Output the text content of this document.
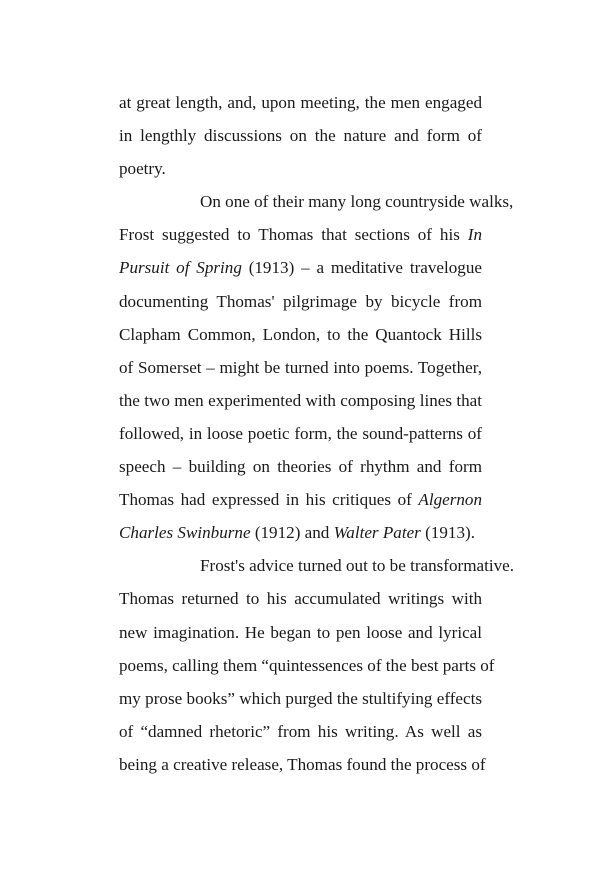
at great length, and, upon meeting, the men engaged
in lengthly discussions on the nature and form of
poetry.
On one of their many long countryside walks,
Frost suggested to Thomas that sections of his In
Pursuit of Spring (1913) – a meditative travelogue
documenting Thomas' pilgrimage by bicycle from
Clapham Common, London, to the Quantock Hills
of Somerset – might be turned into poems. Together,
the two men experimented with composing lines that
followed, in loose poetic form, the sound-patterns of
speech – building on theories of rhythm and form
Thomas had expressed in his critiques of Algernon
Charles Swinburne (1912) and Walter Pater (1913).
Frost's advice turned out to be transformative.
Thomas returned to his accumulated writings with
new imagination. He began to pen loose and lyrical
poems, calling them “quintessences of the best parts of
my prose books” which purged the stultifying effects
of “damned rhetoric” from his writing. As well as
being a creative release, Thomas found the process of
